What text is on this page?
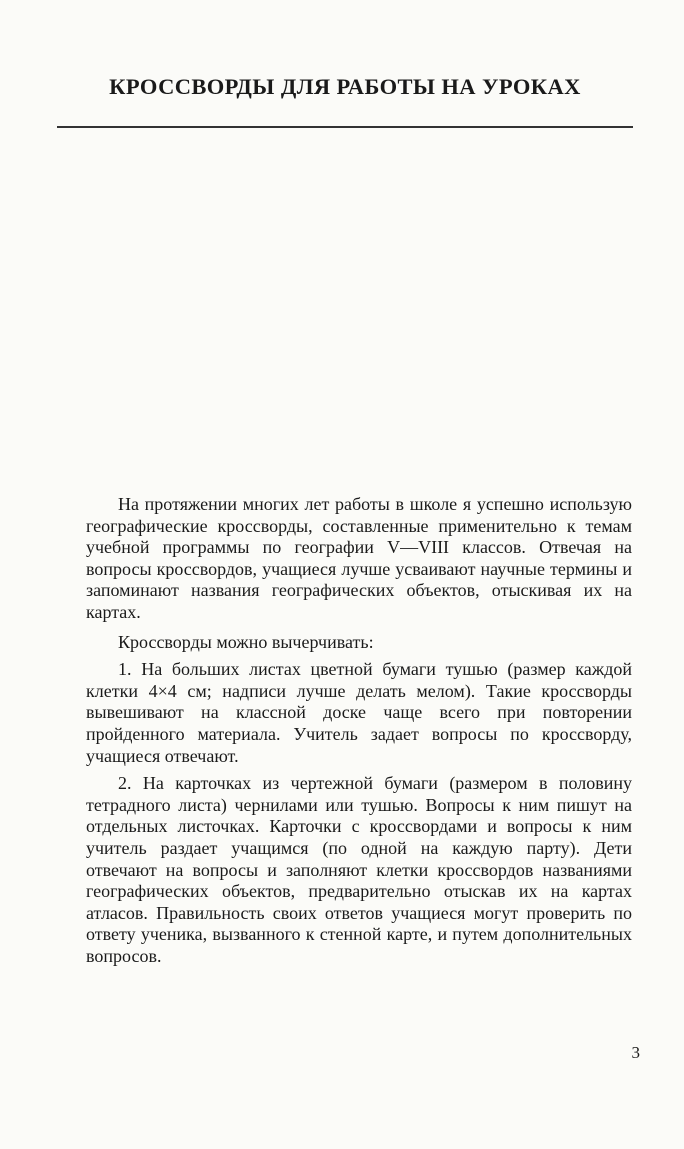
КРОССВОРДЫ ДЛЯ РАБОТЫ НА УРОКАХ

На протяжении многих лет работы в школе я успешно использую географические кроссворды, составленные применительно к темам учебной программы по географии V—VIII классов. Отвечая на вопросы кроссвордов, учащиеся лучше усваивают научные термины и запоминают названия географических объектов, отыскивая их на картах.

Кроссворды можно вычерчивать:

1. На больших листах цветной бумаги тушью (размер каждой клетки 4×4 см; надписи лучше делать мелом). Такие кроссворды вывешивают на классной доске чаще всего при повторении пройденного материала. Учитель задает вопросы по кроссворду, учащиеся отвечают.

2. На карточках из чертежной бумаги (размером в половину тетрадного листа) чернилами или тушью. Вопросы к ним пишут на отдельных листочках. Карточки с кроссвордами и вопросы к ним учитель раздает учащимся (по одной на каждую парту). Дети отвечают на вопросы и заполняют клетки кроссвордов названиями географических объектов, предварительно отыскав их на картах атласов. Правильность своих ответов учащиеся могут проверить по ответу ученика, вызванного к стенной карте, и путем дополнительных вопросов.

3
